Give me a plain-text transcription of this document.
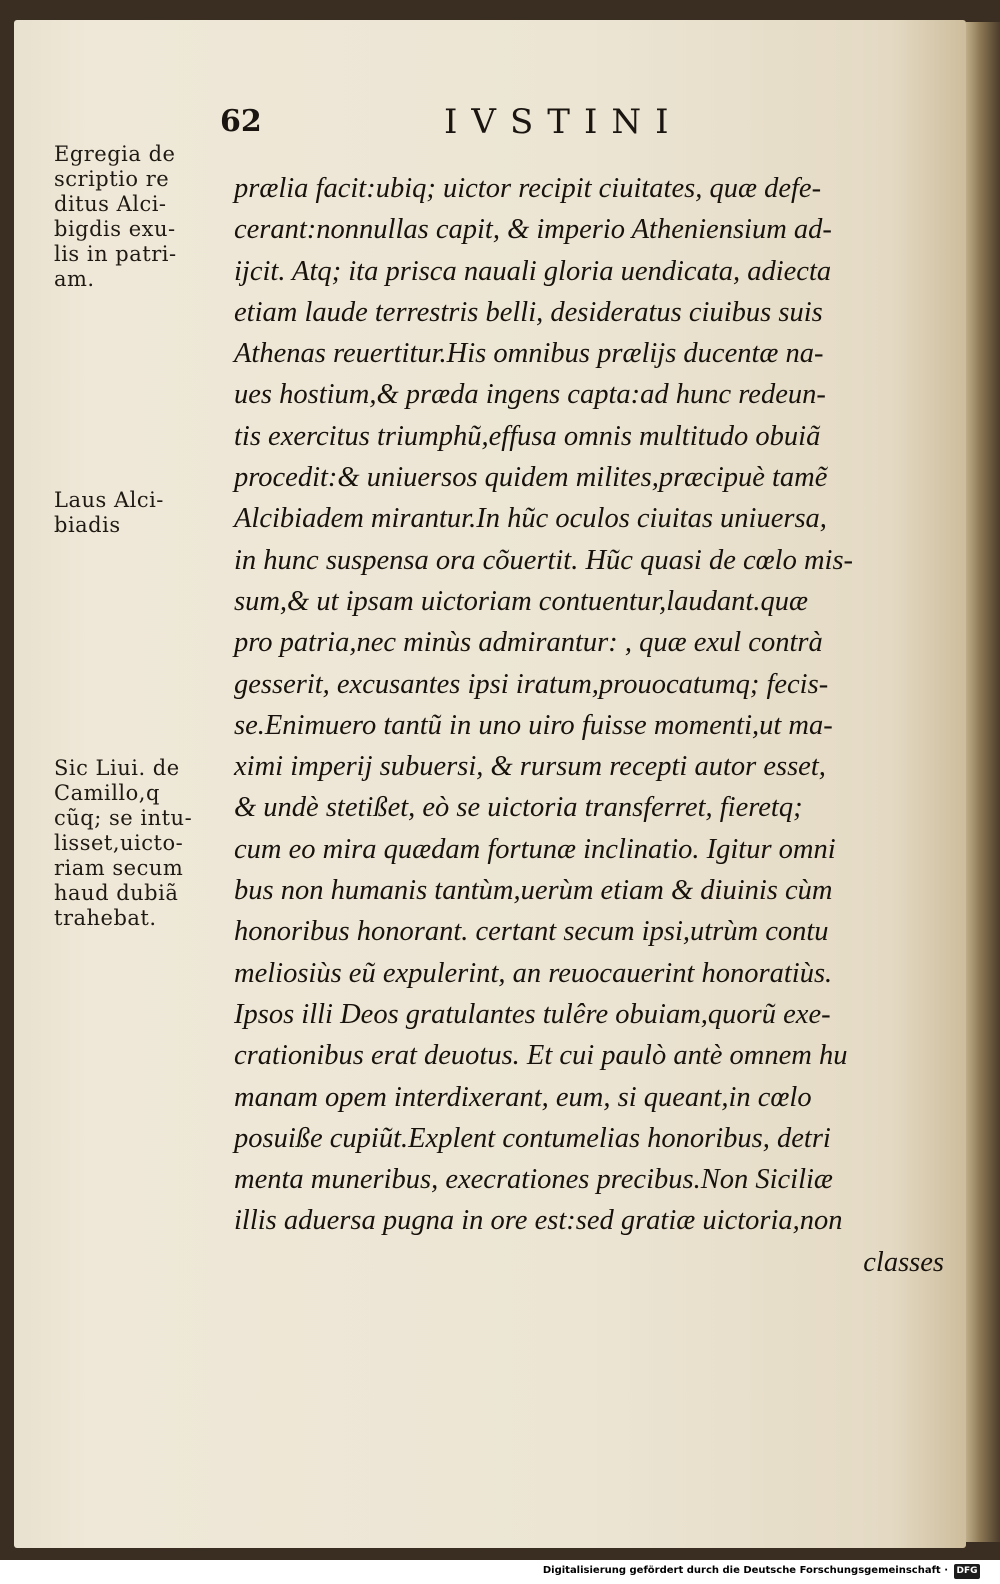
62	IVSTINI
Egregia de
scriptio re
ditus Alci-
bigdis exu-
lis in patri-
am.
Laus Alci-
biadis
Sic Liui. de
Camillo,q
cũq; se intu-
lisset,uicto-
riam secum
haud dubiã
trahebat.
prælia facit:ubiq; uictor recipit ciuitates, quæ defe-
cerant:nonnullas capit, & imperio Atheniensium ad-
ijcit. Atq; ita prisca nauali gloria uendicata, adiecta
etiam laude terrestris belli, desideratus ciuibus suis
Athenas reuertitur.His omnibus prælijs ducentæ na-
ues hostium,& præda ingens capta:ad hunc redeun-
tis exercitus triumphũ,effusa omnis multitudo obuiã
procedit:& uniuersos quidem milites,præcipuè tamẽ
Alcibiadem mirantur.In hũc oculos ciuitas uniuersa,
in hunc suspensa ora cõuertit. Hũc quasi de cœlo mis-
sum,& ut ipsam uictoriam contuentur,laudant.quæ
pro patria,nec minùs admirantur: , quæ exul contrà
gesserit, excusantes ipsi iratum,prouocatumq; fecis-
se.Enimuero tantũ in uno uiro fuisse momenti,ut ma-
ximi imperij subuersi, & rursum recepti autor esset,
& undè stetißet, eò se uictoria transferret, fieretq;
cum eo mira quædam fortunæ inclinatio. Igitur omni
bus non humanis tantùm,uerùm etiam & diuinis cùm
honoribus honorant. certant secum ipsi,utrùm contu
meliosiùs eũ expulerint, an reuocauerint honoratiùs.
Ipsos illi Deos gratulantes tulêre obuiam,quorũ exe-
crationibus erat deuotus. Et cui paulò antè omnem hu
manam opem interdixerant, eum, si queant,in cœlo
posuiße cupiũt.Explent contumelias honoribus, detri
menta muneribus, execrationes precibus.Non Siciliæ
illis aduersa pugna in ore est:sed gratiæ uictoria,non
classes
Digitalisierung gefördert durch die Deutsche Forschungsgemeinschaft · DFG
